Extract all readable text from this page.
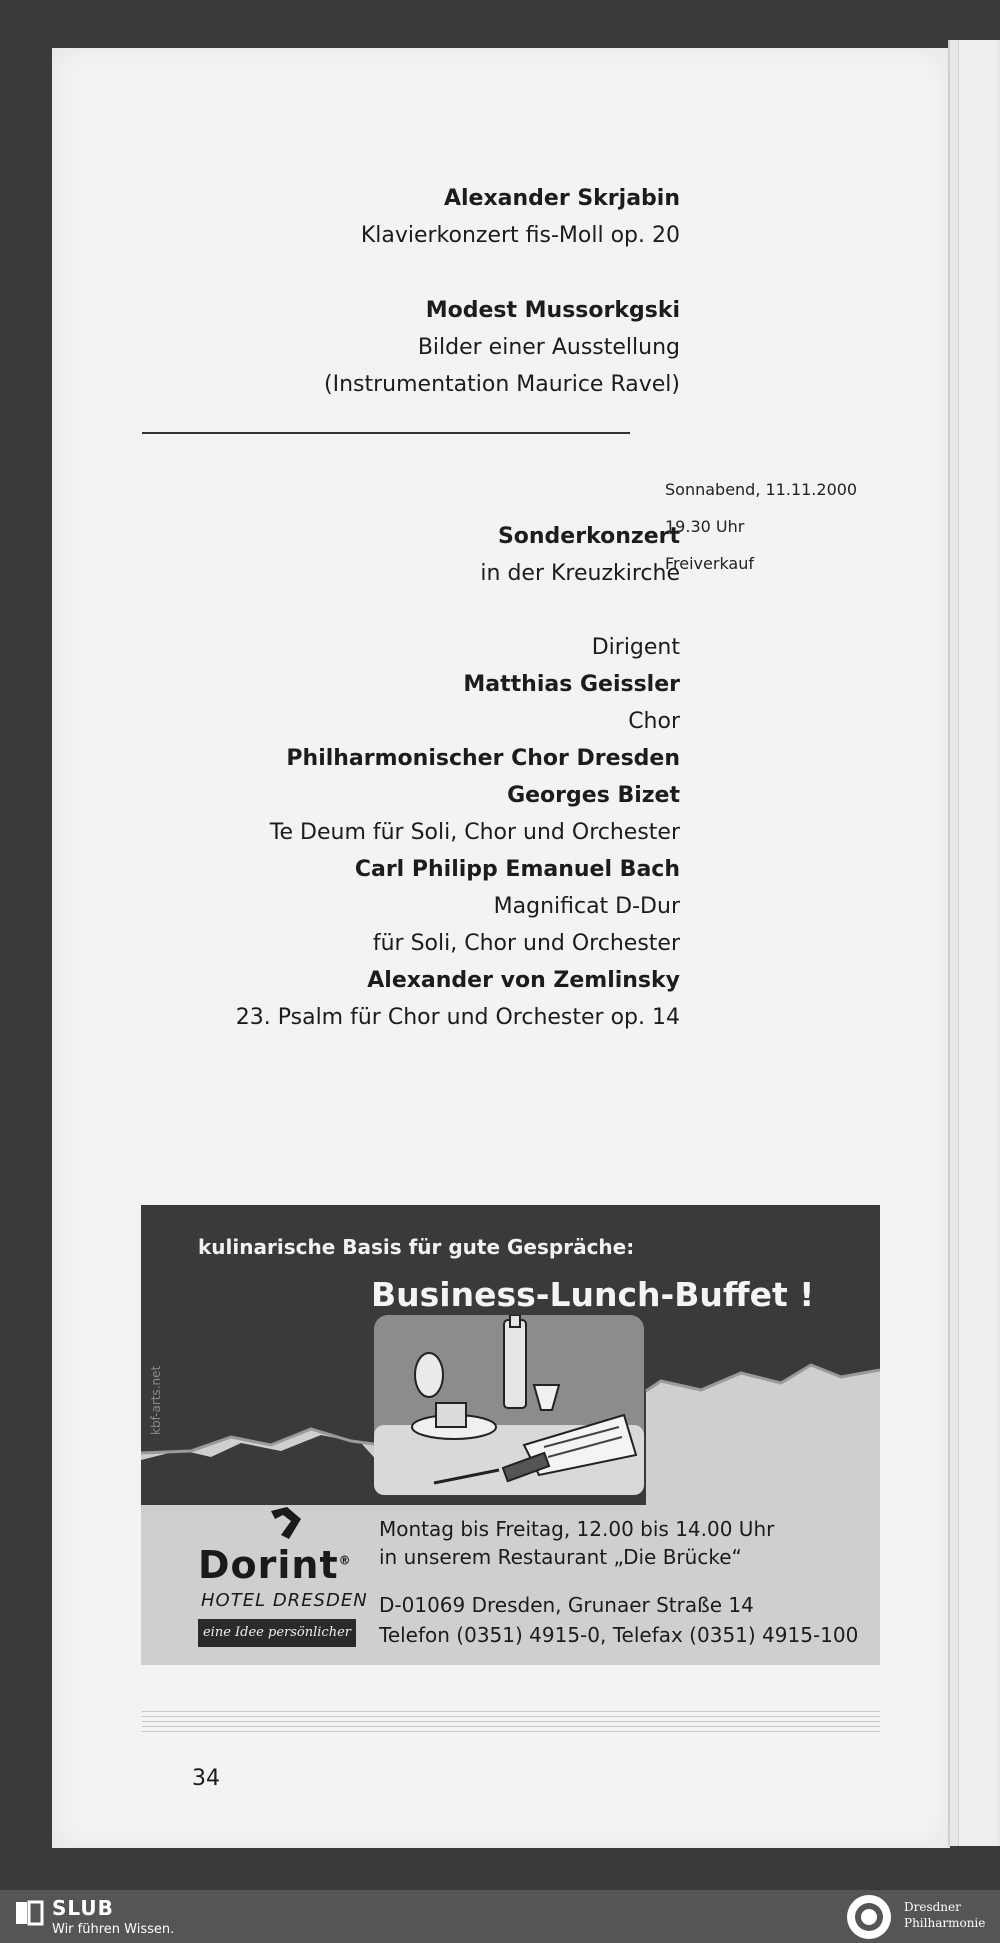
Alexander Skrjabin
Klavierkonzert fis-Moll op. 20
Modest Mussorkgski
Bilder einer Ausstellung
(Instrumentation Maurice Ravel)
Sonderkonzert
in der Kreuzkirche
Sonnabend, 11.11.2000
19.30 Uhr
Freiverkauf
Dirigent
Matthias Geissler
Chor
Philharmonischer Chor Dresden
Georges Bizet
Te Deum für Soli, Chor und Orchester
Carl Philipp Emanuel Bach
Magnificat D-Dur
für Soli, Chor und Orchester
Alexander von Zemlinsky
23. Psalm für Chor und Orchester op. 14
34
kulinarische Basis für gute Gespräche:
Business-Lunch-Buffet !
kbf-arts.net
Dorint®
HOTEL DRESDEN
eine Idee persönlicher
Montag bis Freitag, 12.00 bis 14.00 Uhr
in unserem Restaurant „Die Brücke“
D-01069 Dresden, Grunaer Straße 14
Telefon (0351) 4915-0, Telefax (0351) 4915-100
SLUB
Wir führen Wissen.
Dresdner
Philharmonie
